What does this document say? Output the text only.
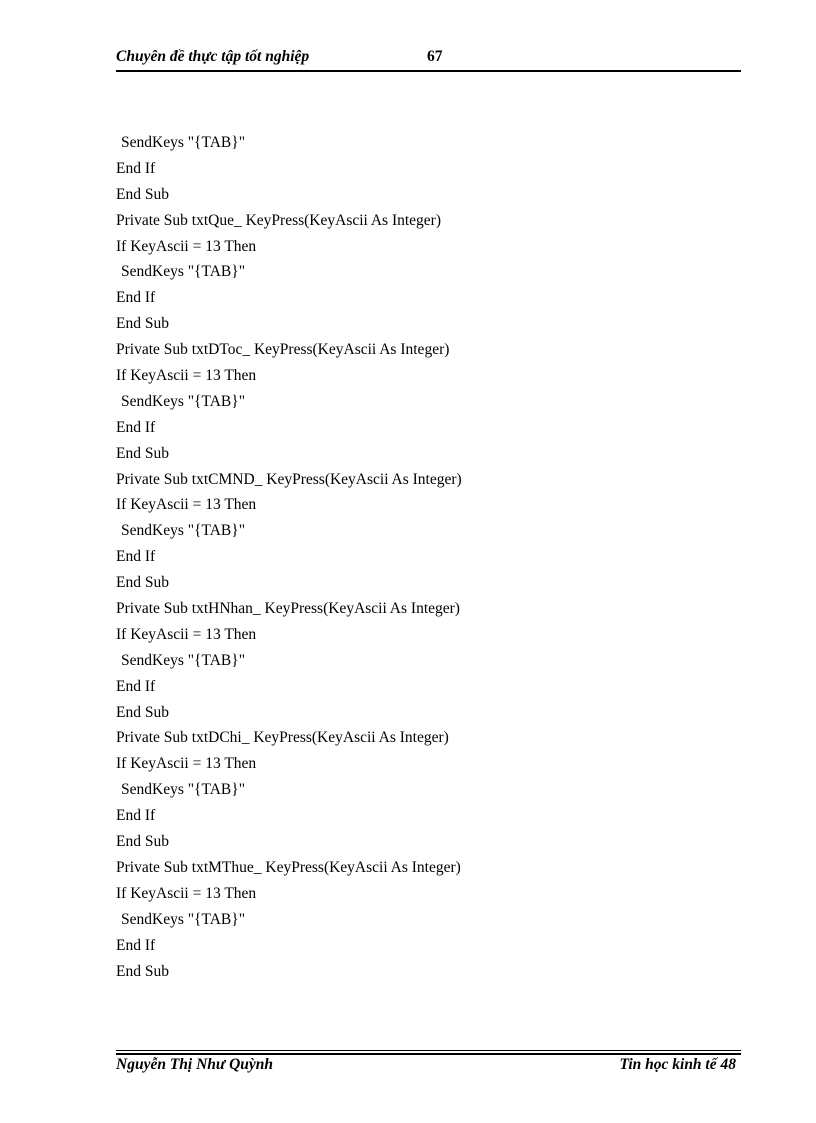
Chuyên đề thực tập tốt nghiệp	67
SendKeys "{TAB}"
End If
End Sub
Private Sub txtQue_ KeyPress(KeyAscii As Integer)
If KeyAscii = 13 Then
SendKeys "{TAB}"
End If
End Sub
Private Sub txtDToc_ KeyPress(KeyAscii As Integer)
If KeyAscii = 13 Then
SendKeys "{TAB}"
End If
End Sub
Private Sub txtCMND_ KeyPress(KeyAscii As Integer)
If KeyAscii = 13 Then
SendKeys "{TAB}"
End If
End Sub
Private Sub txtHNhan_ KeyPress(KeyAscii As Integer)
If KeyAscii = 13 Then
SendKeys "{TAB}"
End If
End Sub
Private Sub txtDChi_ KeyPress(KeyAscii As Integer)
If KeyAscii = 13 Then
SendKeys "{TAB}"
End If
End Sub
Private Sub txtMThue_ KeyPress(KeyAscii As Integer)
If KeyAscii = 13 Then
SendKeys "{TAB}"
End If
End Sub
Nguyễn Thị Như Quỳnh	Tin học kinh tế 48
